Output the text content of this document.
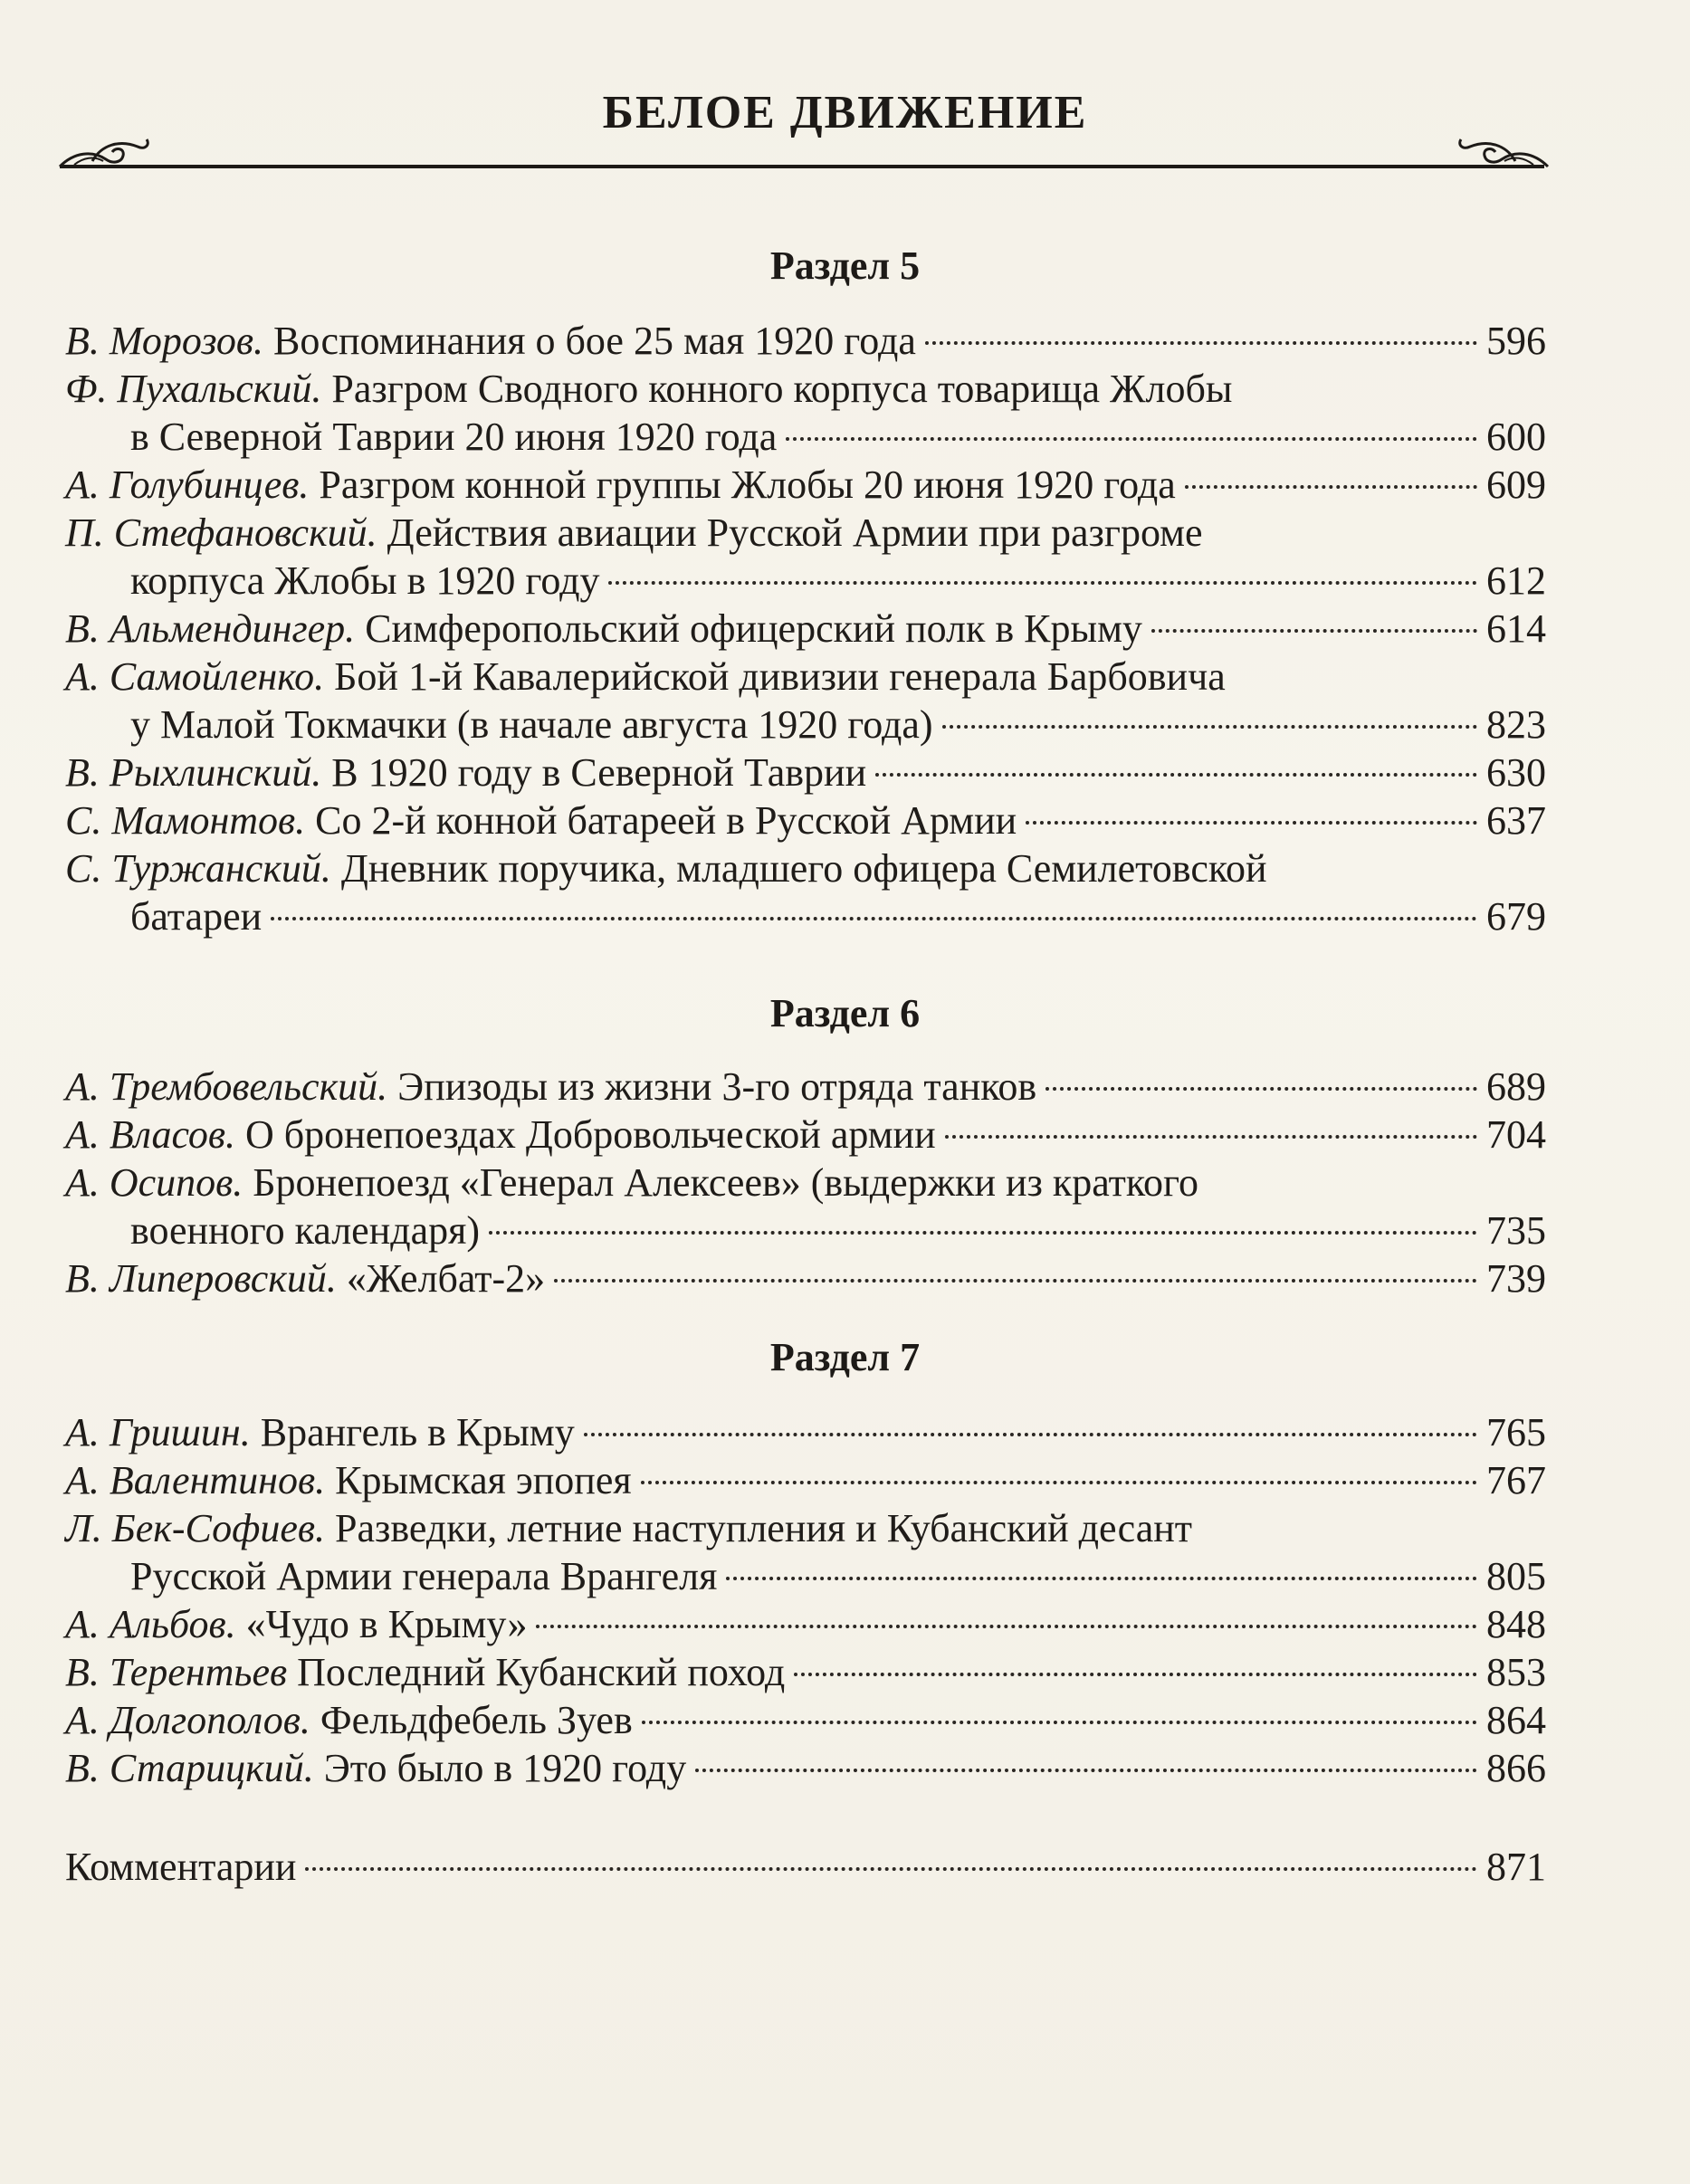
БЕЛОЕ ДВИЖЕНИЕ
Раздел 5
В. Морозов. Воспоминания о бое 25 мая 1920 года	596
Ф. Пухальский. Разгром Сводного конного корпуса товарища Жлобы
в Северной Таврии 20 июня 1920 года	600
А. Голубинцев. Разгром конной группы Жлобы 20 июня 1920 года	609
П. Стефановский. Действия авиации Русской Армии при разгроме
корпуса Жлобы в 1920 году	612
В. Альмендингер. Симферопольский офицерский полк в Крыму	614
А. Самойленко. Бой 1-й Кавалерийской дивизии генерала Барбовича
у Малой Токмачки (в начале августа 1920 года)	823
В. Рыхлинский. В 1920 году в Северной Таврии	630
С. Мамонтов. Со 2-й конной батареей в Русской Армии	637
С. Туржанский. Дневник поручика, младшего офицера Семилетовской
батареи	679
Раздел 6
А. Трембовельский. Эпизоды из жизни 3-го отряда танков	689
А. Власов. О бронепоездах Добровольческой армии	704
А. Осипов. Бронепоезд «Генерал Алексеев» (выдержки из краткого
военного календаря)	735
В. Липеровский. «Желбат-2»	739
Раздел 7
А. Гришин. Врангель в Крыму	765
А. Валентинов. Крымская эпопея	767
Л. Бек-Софиев. Разведки, летние наступления и Кубанский десант
Русской Армии генерала Врангеля	805
А. Альбов. «Чудо в Крыму»	848
В. Терентьев Последний Кубанский поход	853
А. Долгополов. Фельдфебель Зуев	864
В. Старицкий. Это было в 1920 году	866
Комментарии	871
